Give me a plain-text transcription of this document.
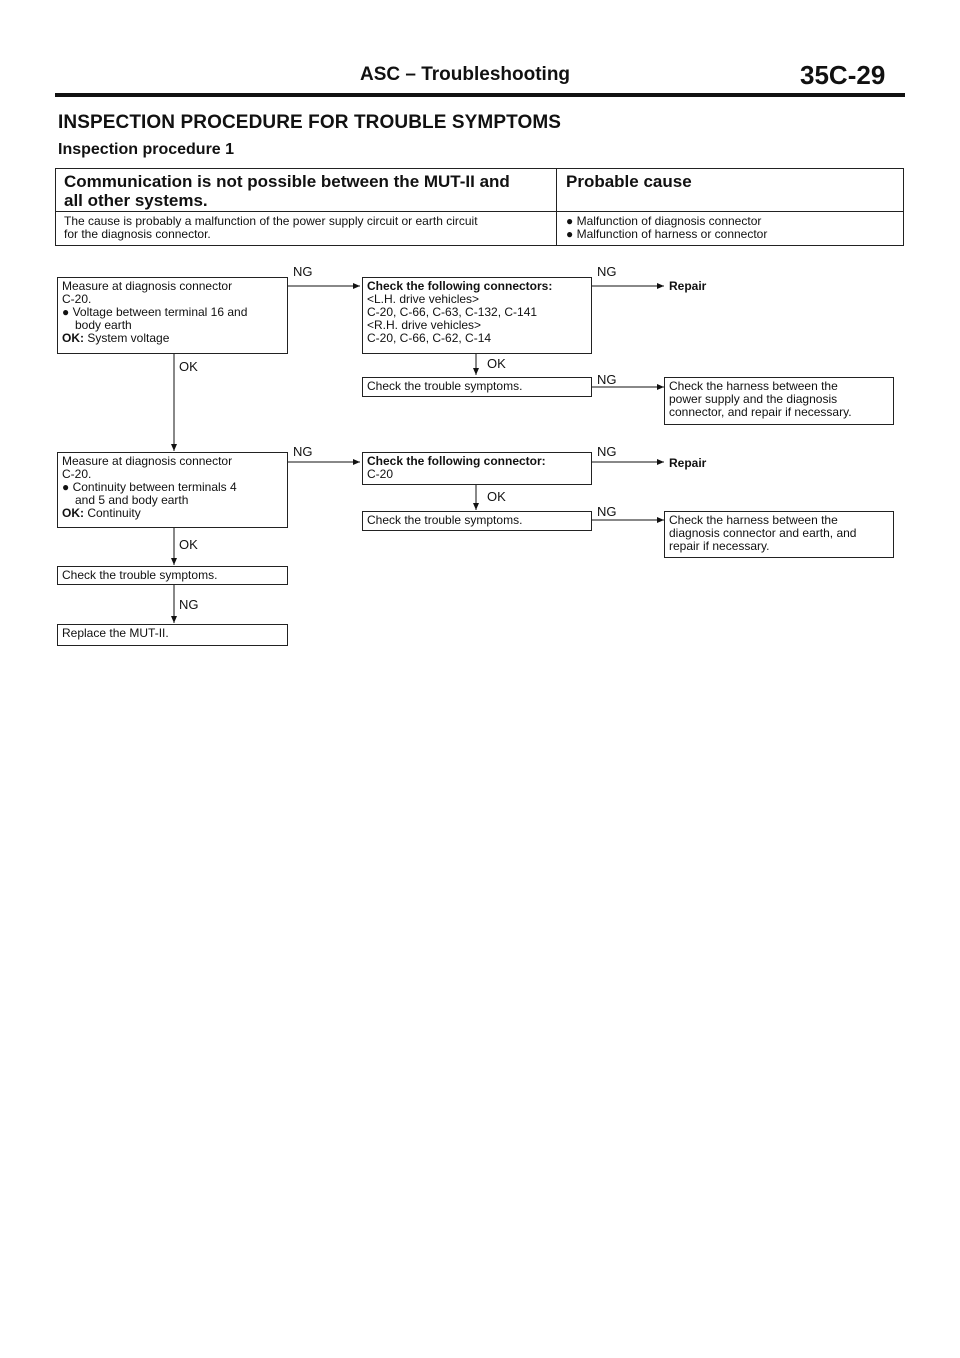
ASC – Troubleshooting	35C-29
INSPECTION PROCEDURE FOR TROUBLE SYMPTOMS
Inspection procedure 1
Communication is not possible between the MUT-II and
all other systems.
Probable cause
The cause is probably a malfunction of the power supply circuit or earth circuit
for the diagnosis connector.
● Malfunction of diagnosis connector
● Malfunction of harness or connector
Measure at diagnosis connector
C-20.
● Voltage between terminal 16 and
body earth
OK: System voltage
Check the following connectors:
<L.H. drive vehicles>
C-20, C-66, C-63, C-132, C-141
<R.H. drive vehicles>
C-20, C-66, C-62, C-14
Repair
Check the trouble symptoms.	Check the harness between the
power supply and the diagnosis
connector, and repair if necessary.
Measure at diagnosis connector
C-20.
● Continuity between terminals 4
and 5 and body earth
OK: Continuity
Check the following connector:
C-20
Repair
Check the trouble symptoms.	Check the harness between the
diagnosis connector and earth, and
repair if necessary.
Check the trouble symptoms.
Replace the MUT-II.
NG	NG
OK
NG
OK
NG	NG
OK
NG
OK
NG
